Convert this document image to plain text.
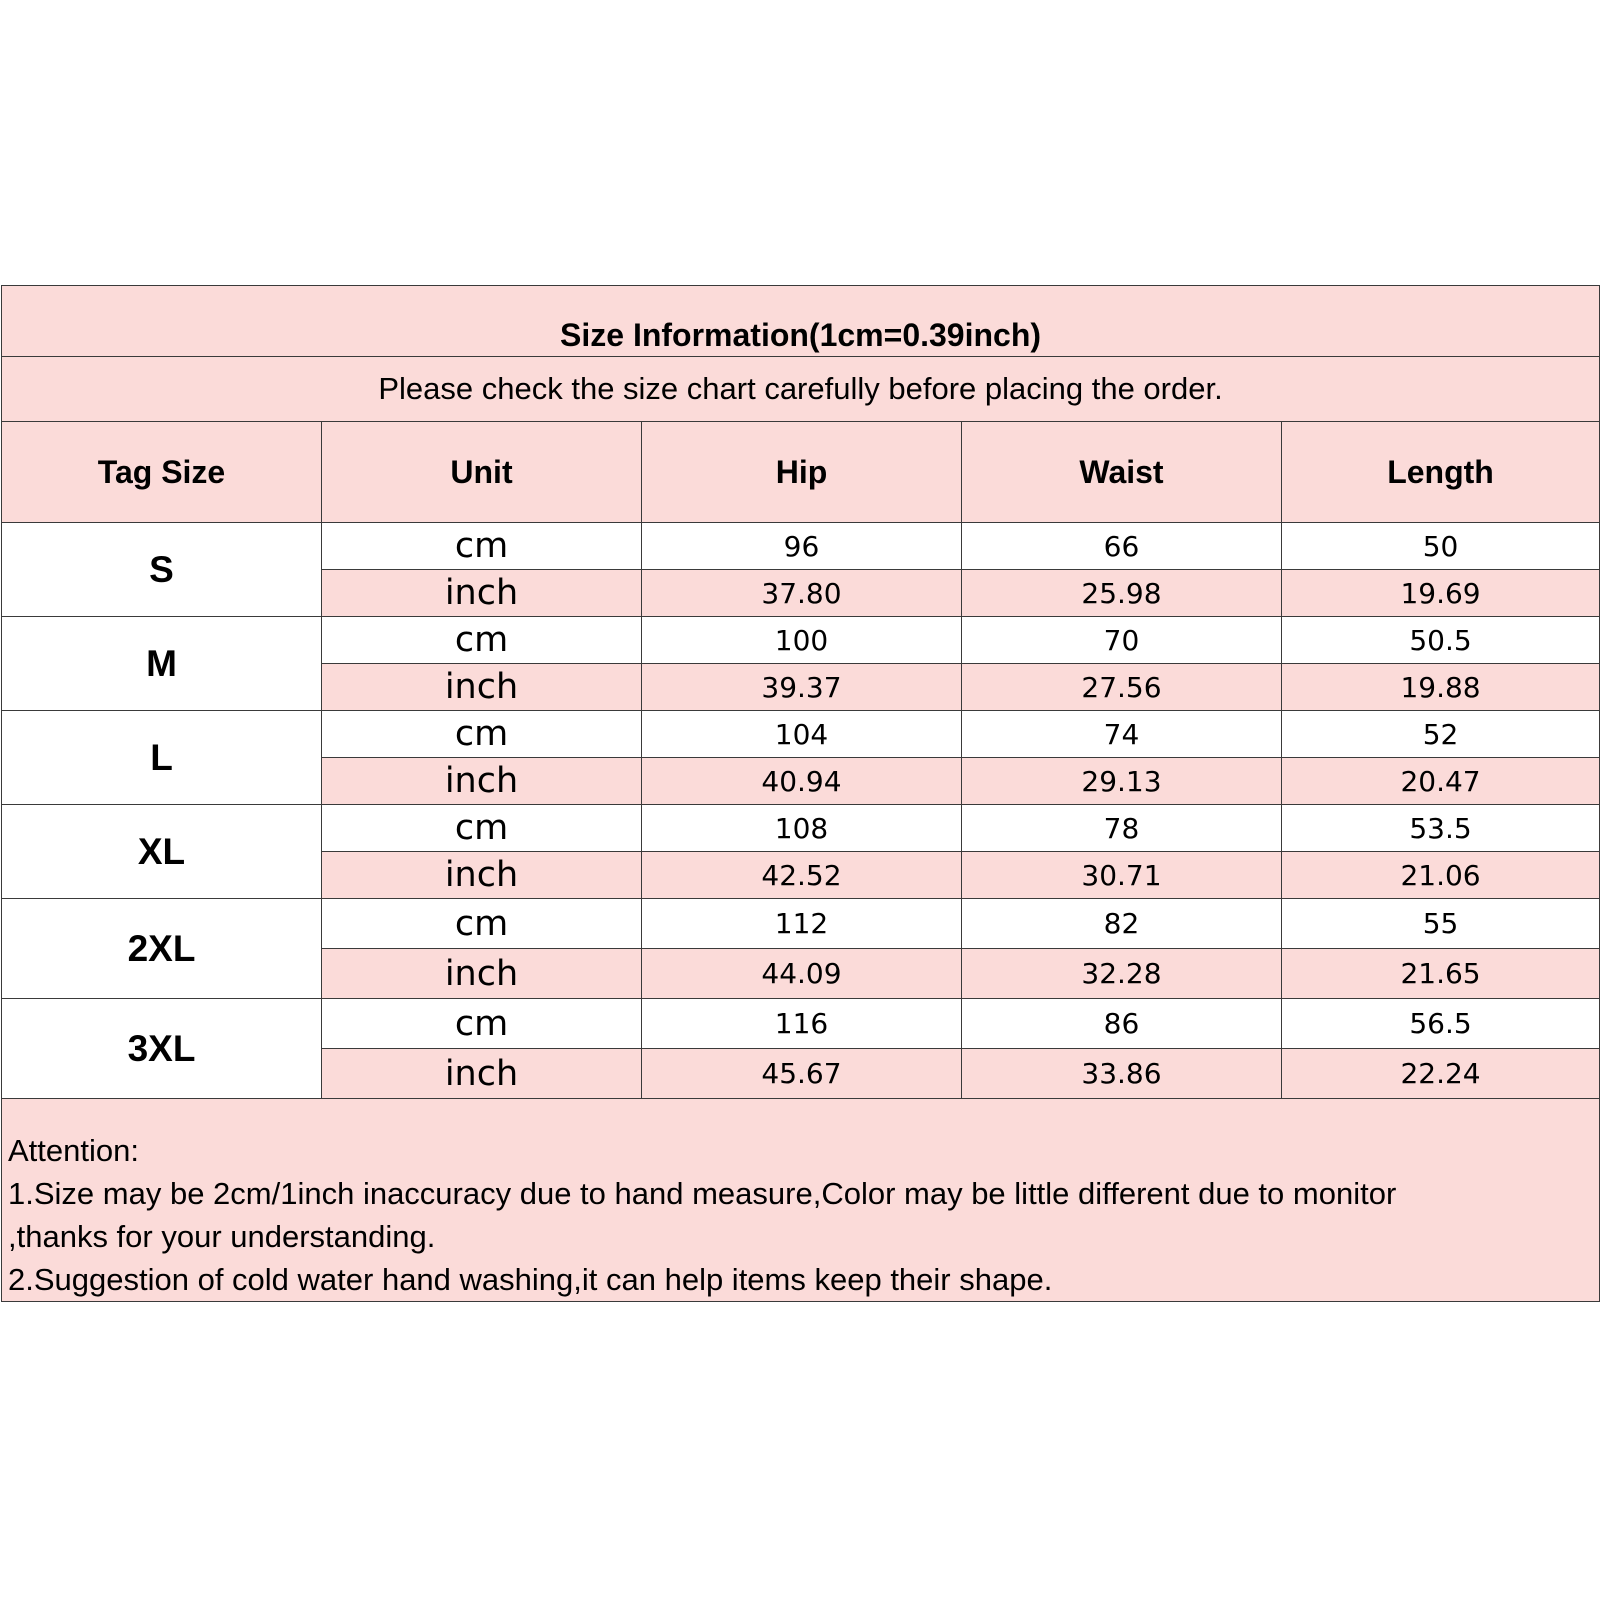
Size Information(1cm=0.39inch)				
Please check the size chart carefully before placing the order.				
Tag Size	Unit	Hip	Waist	Length
S	cm	96	66	50
	inch	37.80	25.98	19.69
M	cm	100	70	50.5
	inch	39.37	27.56	19.88
L	cm	104	74	52
	inch	40.94	29.13	20.47
XL	cm	108	78	53.5
	inch	42.52	30.71	21.06
2XL	cm	112	82	55
	inch	44.09	32.28	21.65
3XL	cm	116	86	56.5
	inch	45.67	33.86	22.24

Attention:
1.Size may be 2cm/1inch inaccuracy due to hand measure,Color may be little different due to monitor
,thanks for your understanding.
2.Suggestion of cold water hand washing,it can help items keep their shape.				
